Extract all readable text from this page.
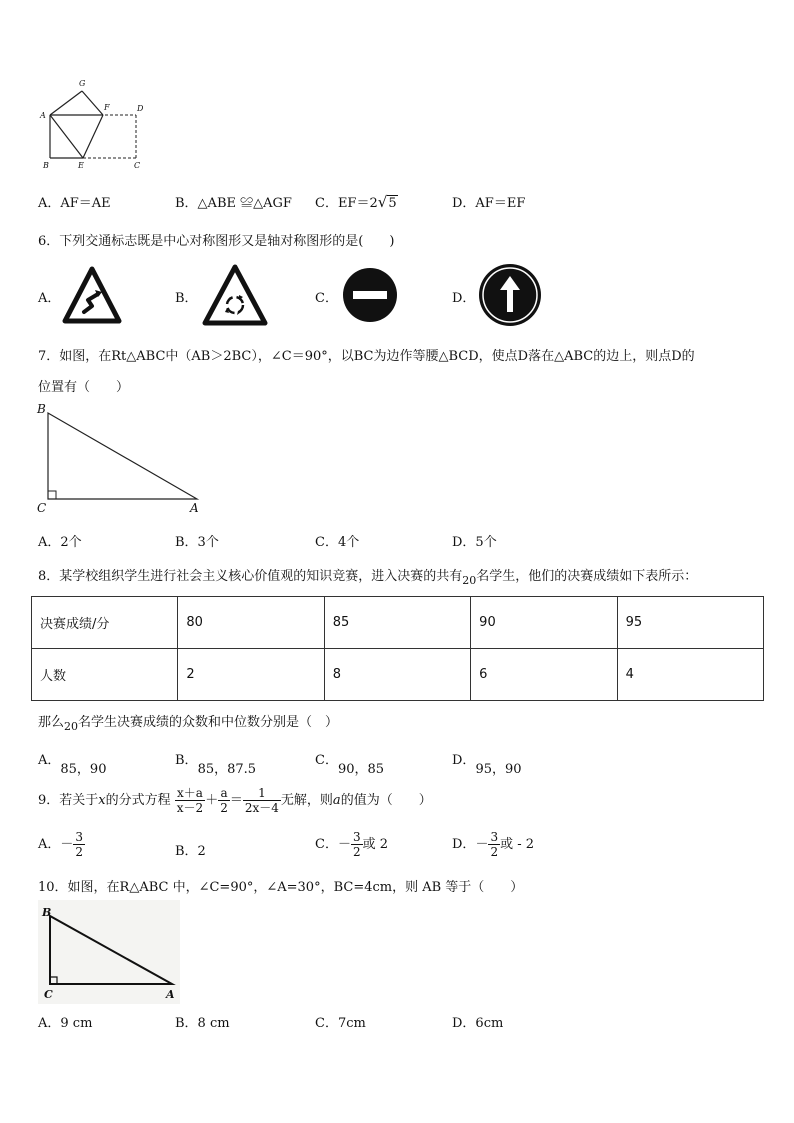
G
A
F	D
B	E	C
A．AF＝AE	B．△ABE ≌△AGF C．EF＝2√5	D．AF＝EF
6．下列交通标志既是中心对称图形又是轴对称图形的是(　　)
A．	B．	C．	D．
7．如图，在Rt△ABC中（AB＞2BC），∠C＝90°，以BC为边作等腰△BCD，使点D落在△ABC的边上，则点D的
位置有（　　）
B
C	A
A．2个	B．3个	C．4个	D．5个
8．某学校组织学生进行社会主义核心价值观的知识竞赛，进入决赛的共有$_{20}$名学生，他们的决赛成绩如下表所示：
决赛成绩/分	80	85	90	95
人数	2	8	6	4
那么$_{20}$名学生决赛成绩的众数和中位数分别是（　）
A．85，90
B．85，87.5
C．90，85
D．95，90
9．若关于x的分式方程 $\frac{x+a}{x-2} + \frac{a}{2} = \frac{1}{2x-4}$ 无解，则a的值为（　　）
A．－ $\frac{3}{2}$	B．2	C．－ $\frac{3}{2}$ 或 2	D．－ $\frac{3}{2}$ 或 - 2
10．如图，在R△ABC 中，∠C=90°，∠A=30°，BC=4cm，则 AB 等于（　　）
B
C	A
A．9 cm	B．8 cm	C．7cm	D．6cm
